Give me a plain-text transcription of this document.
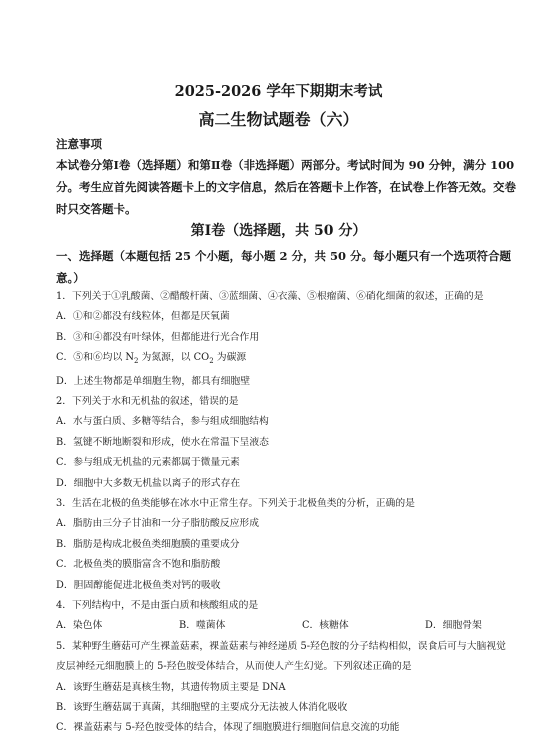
2025-2026 学年下期期末考试
高二生物试题卷（六）
注意事项
本试卷分第Ⅰ卷（选择题）和第Ⅱ卷（非选择题）两部分。考试时间为 90 分钟，满分 100
分。考生应首先阅读答题卡上的文字信息，然后在答题卡上作答，在试卷上作答无效。交卷
时只交答题卡。
第Ⅰ卷（选择题，共 50 分）
一、选择题（本题包括 25 个小题，每小题 2 分，共 50 分。每小题只有一个选项符合题
意。）
1．下列关于①乳酸菌、②醋酸杆菌、③蓝细菌、④衣藻、⑤根瘤菌、⑥硝化细菌的叙述，正确的是
A．①和②都没有线粒体，但都是厌氧菌
B．③和④都没有叶绿体，但都能进行光合作用
C．⑤和⑥均以 $N_2$ 为氮源，以 $CO_2$ 为碳源
D．上述生物都是单细胞生物，都具有细胞壁
2．下列关于水和无机盐的叙述，错误的是
A．水与蛋白质、多糖等结合，参与组成细胞结构
B．氢键不断地断裂和形成，使水在常温下呈液态
C．参与组成无机盐的元素都属于微量元素
D．细胞中大多数无机盐以离子的形式存在
3．生活在北极的鱼类能够在冰水中正常生存。下列关于北极鱼类的分析，正确的是
A．脂肪由三分子甘油和一分子脂肪酸反应形成
B．脂肪是构成北极鱼类细胞膜的重要成分
C．北极鱼类的膜脂富含不饱和脂肪酸
D．胆固醇能促进北极鱼类对钙的吸收
4．下列结构中，不是由蛋白质和核酸组成的是
A．染色体	B．噬菌体	C．核糖体	D．细胞骨架
5．某种野生蘑菇可产生裸盖菇素，裸盖菇素与神经递质 5-羟色胺的分子结构相似，误食后可与大脑视觉
皮层神经元细胞膜上的 5-羟色胺受体结合，从而使人产生幻觉。下列叙述正确的是
A．该野生蘑菇是真核生物，其遗传物质主要是 DNA
B．该野生蘑菇属于真菌，其细胞壁的主要成分无法被人体消化吸收
C．裸盖菇素与 5-羟色胺受体的结合，体现了细胞膜进行细胞间信息交流的功能
